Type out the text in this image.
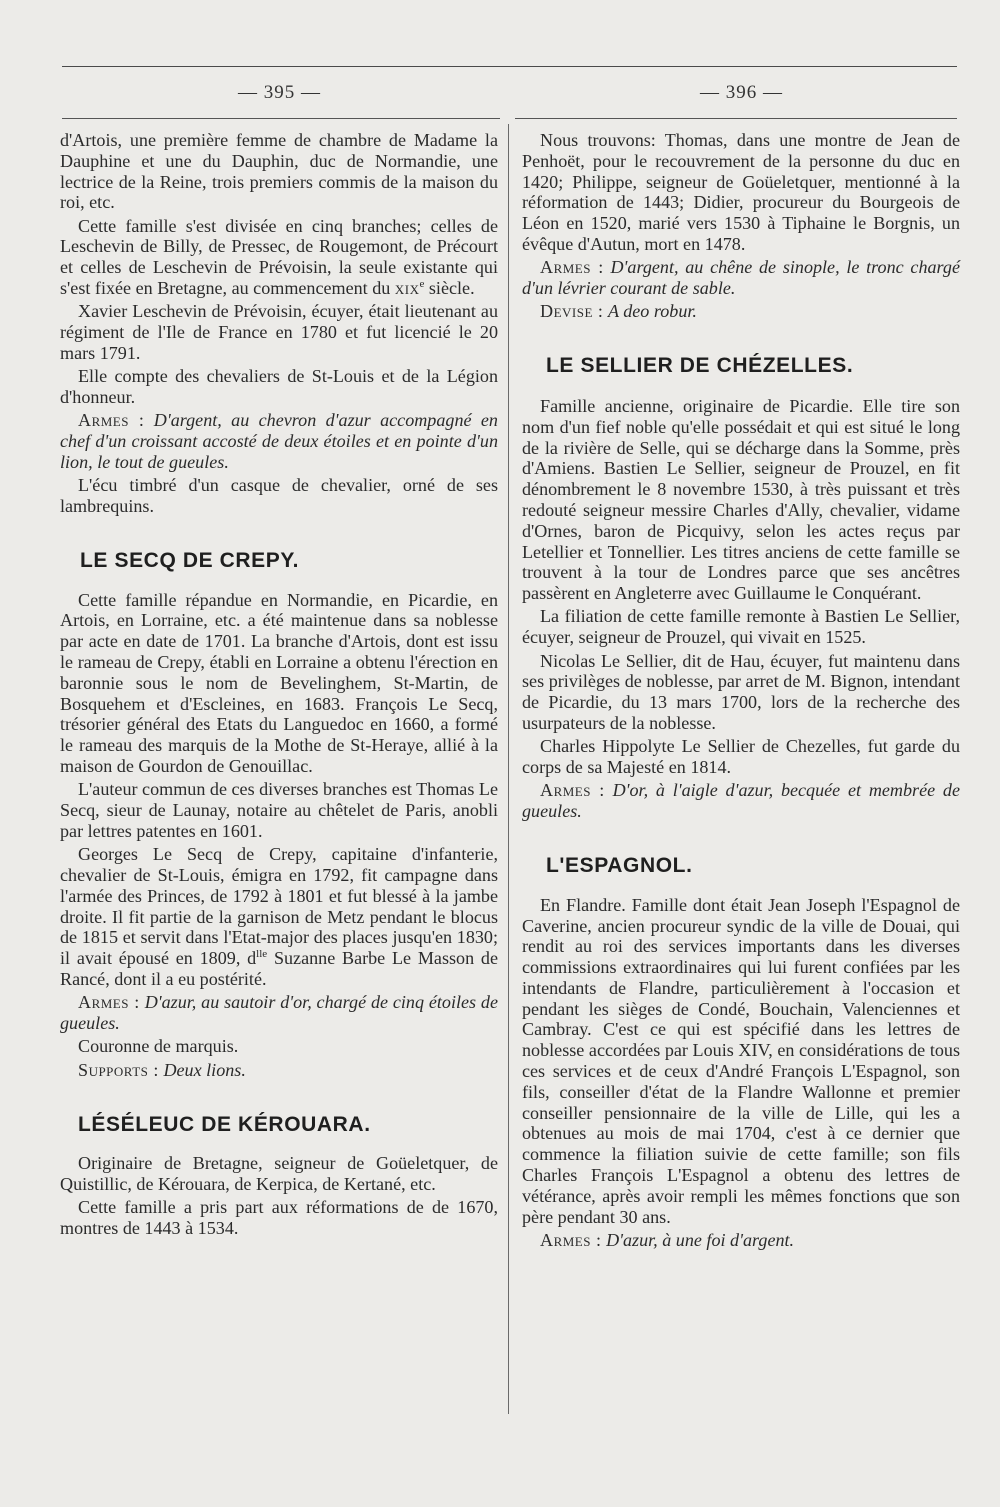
— 395 —	— 396 —

d'Artois, une première femme de chambre de Madame la Dauphine et une du Dauphin, duc de Normandie, une lectrice de la Reine, trois premiers commis de la maison du roi, etc.

Cette famille s'est divisée en cinq branches; celles de Leschevin de Billy, de Pressec, de Rougemont, de Précourt et celles de Leschevin de Prévoisin, la seule existante qui s'est fixée en Bretagne, au commencement du xix$^e$ siècle.

Xavier Leschevin de Prévoisin, écuyer, était lieutenant au régiment de l'Ile de France en 1780 et fut licencié le 20 mars 1791.

Elle compte des chevaliers de St-Louis et de la Légion d'honneur.

Armes : D'argent, au chevron d'azur accompagné en chef d'un croissant accosté de deux étoiles et en pointe d'un lion, le tout de gueules.

L'écu timbré d'un casque de chevalier, orné de ses lambrequins.

LE SECQ DE CREPY.

Cette famille répandue en Normandie, en Picardie, en Artois, en Lorraine, etc. a été maintenue dans sa noblesse par acte en date de 1701. La branche d'Artois, dont est issu le rameau de Crepy, établi en Lorraine a obtenu l'érection en baronnie sous le nom de Bevelinghem, St-Martin, de Bosquehem et d'Escleines, en 1683. François Le Secq, trésorier général des Etats du Languedoc en 1660, a formé le rameau des marquis de la Mothe de St-Heraye, allié à la maison de Gourdon de Genouillac.

L'auteur commun de ces diverses branches est Thomas Le Secq, sieur de Launay, notaire au chêtelet de Paris, anobli par lettres patentes en 1601.

Georges Le Secq de Crepy, capitaine d'infanterie, chevalier de St-Louis, émigra en 1792, fit campagne dans l'armée des Princes, de 1792 à 1801 et fut blessé à la jambe droite. Il fit partie de la garnison de Metz pendant le blocus de 1815 et servit dans l'Etat-major des places jusqu'en 1830; il avait épousé en 1809, $d^{lle}$ Suzanne Barbe Le Masson de Rancé, dont il a eu postérité.

Armes : D'azur, au sautoir d'or, chargé de cinq étoiles de gueules.

Couronne de marquis.

Supports : Deux lions.

LÉSÉLEUC DE KÉROUARA.

Originaire de Bretagne, seigneur de Goüeletquer, de Quistillic, de Kérouara, de Kerpica, de Kertané, etc.

Cette famille a pris part aux réformations de de 1670, montres de 1443 à 1534.

Nous trouvons: Thomas, dans une montre de Jean de Penhoët, pour le recouvrement de la personne du duc en 1420; Philippe, seigneur de Goüeletquer, mentionné à la réformation de 1443; Didier, procureur du Bourgeois de Léon en 1520, marié vers 1530 à Tiphaine le Borgnis, un évêque d'Autun, mort en 1478.

Armes : D'argent, au chêne de sinople, le tronc chargé d'un lévrier courant de sable.

Devise : A deo robur.

LE SELLIER DE CHÉZELLES.

Famille ancienne, originaire de Picardie. Elle tire son nom d'un fief noble qu'elle possédait et qui est situé le long de la rivière de Selle, qui se décharge dans la Somme, près d'Amiens. Bastien Le Sellier, seigneur de Prouzel, en fit dénombrement le 8 novembre 1530, à très puissant et très redouté seigneur messire Charles d'Ally, chevalier, vidame d'Ornes, baron de Picquivy, selon les actes reçus par Letellier et Tonnellier. Les titres anciens de cette famille se trouvent à la tour de Londres parce que ses ancêtres passèrent en Angleterre avec Guillaume le Conquérant.

La filiation de cette famille remonte à Bastien Le Sellier, écuyer, seigneur de Prouzel, qui vivait en 1525.

Nicolas Le Sellier, dit de Hau, écuyer, fut maintenu dans ses privilèges de noblesse, par arret de M. Bignon, intendant de Picardie, du 13 mars 1700, lors de la recherche des usurpateurs de la noblesse.

Charles Hippolyte Le Sellier de Chezelles, fut garde du corps de sa Majesté en 1814.

Armes : D'or, à l'aigle d'azur, becquée et membrée de gueules.

L'ESPAGNOL.

En Flandre. Famille dont était Jean Joseph l'Espagnol de Caverine, ancien procureur syndic de la ville de Douai, qui rendit au roi des services importants dans les diverses commissions extraordinaires qui lui furent confiées par les intendants de Flandre, particulièrement à l'occasion et pendant les sièges de Condé, Bouchain, Valenciennes et Cambray. C'est ce qui est spécifié dans les lettres de noblesse accordées par Louis XIV, en considérations de tous ces services et de ceux d'André François L'Espagnol, son fils, conseiller d'état de la Flandre Wallonne et premier conseiller pensionnaire de la ville de Lille, qui les a obtenues au mois de mai 1704, c'est à ce dernier que commence la filiation suivie de cette famille; son fils Charles François L'Espagnol a obtenu des lettres de vétérance, après avoir rempli les mêmes fonctions que son père pendant 30 ans.

Armes : D'azur, à une foi d'argent.
